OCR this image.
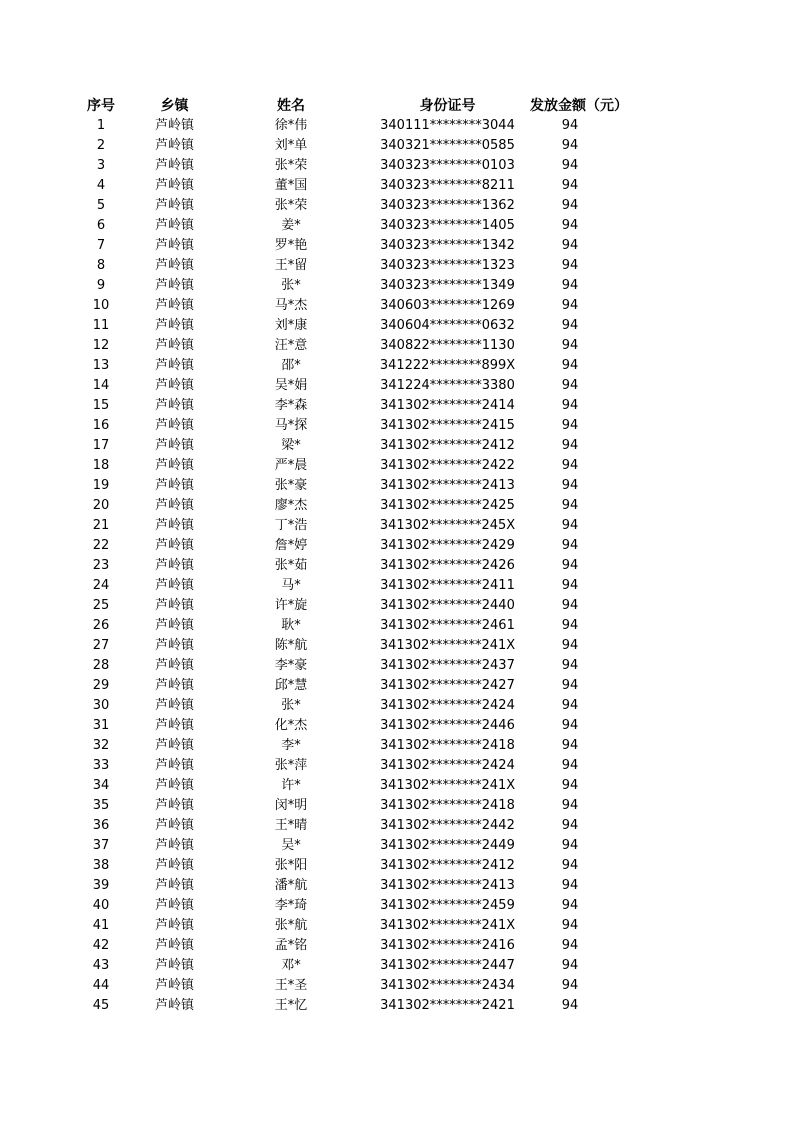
序号	乡镇	姓名	身份证号	发放金额（元）
1	芦岭镇	徐*伟	340111********3044	94
2	芦岭镇	刘*单	340321********0585	94
3	芦岭镇	张*荣	340323********0103	94
4	芦岭镇	董*国	340323********8211	94
5	芦岭镇	张*荣	340323********1362	94
6	芦岭镇	姜*	340323********1405	94
7	芦岭镇	罗*艳	340323********1342	94
8	芦岭镇	王*留	340323********1323	94
9	芦岭镇	张*	340323********1349	94
10	芦岭镇	马*杰	340603********1269	94
11	芦岭镇	刘*康	340604********0632	94
12	芦岭镇	汪*意	340822********1130	94
13	芦岭镇	邵*	341222********899X	94
14	芦岭镇	吴*娟	341224********3380	94
15	芦岭镇	李*森	341302********2414	94
16	芦岭镇	马*探	341302********2415	94
17	芦岭镇	梁*	341302********2412	94
18	芦岭镇	严*晨	341302********2422	94
19	芦岭镇	张*豪	341302********2413	94
20	芦岭镇	廖*杰	341302********2425	94
21	芦岭镇	丁*浩	341302********245X	94
22	芦岭镇	詹*婷	341302********2429	94
23	芦岭镇	张*茹	341302********2426	94
24	芦岭镇	马*	341302********2411	94
25	芦岭镇	许*旋	341302********2440	94
26	芦岭镇	耿*	341302********2461	94
27	芦岭镇	陈*航	341302********241X	94
28	芦岭镇	李*豪	341302********2437	94
29	芦岭镇	邱*慧	341302********2427	94
30	芦岭镇	张*	341302********2424	94
31	芦岭镇	化*杰	341302********2446	94
32	芦岭镇	李*	341302********2418	94
33	芦岭镇	张*萍	341302********2424	94
34	芦岭镇	许*	341302********241X	94
35	芦岭镇	闵*明	341302********2418	94
36	芦岭镇	王*晴	341302********2442	94
37	芦岭镇	吴*	341302********2449	94
38	芦岭镇	张*阳	341302********2412	94
39	芦岭镇	潘*航	341302********2413	94
40	芦岭镇	李*琦	341302********2459	94
41	芦岭镇	张*航	341302********241X	94
42	芦岭镇	孟*铭	341302********2416	94
43	芦岭镇	邓*	341302********2447	94
44	芦岭镇	王*圣	341302********2434	94
45	芦岭镇	王*忆	341302********2421	94
